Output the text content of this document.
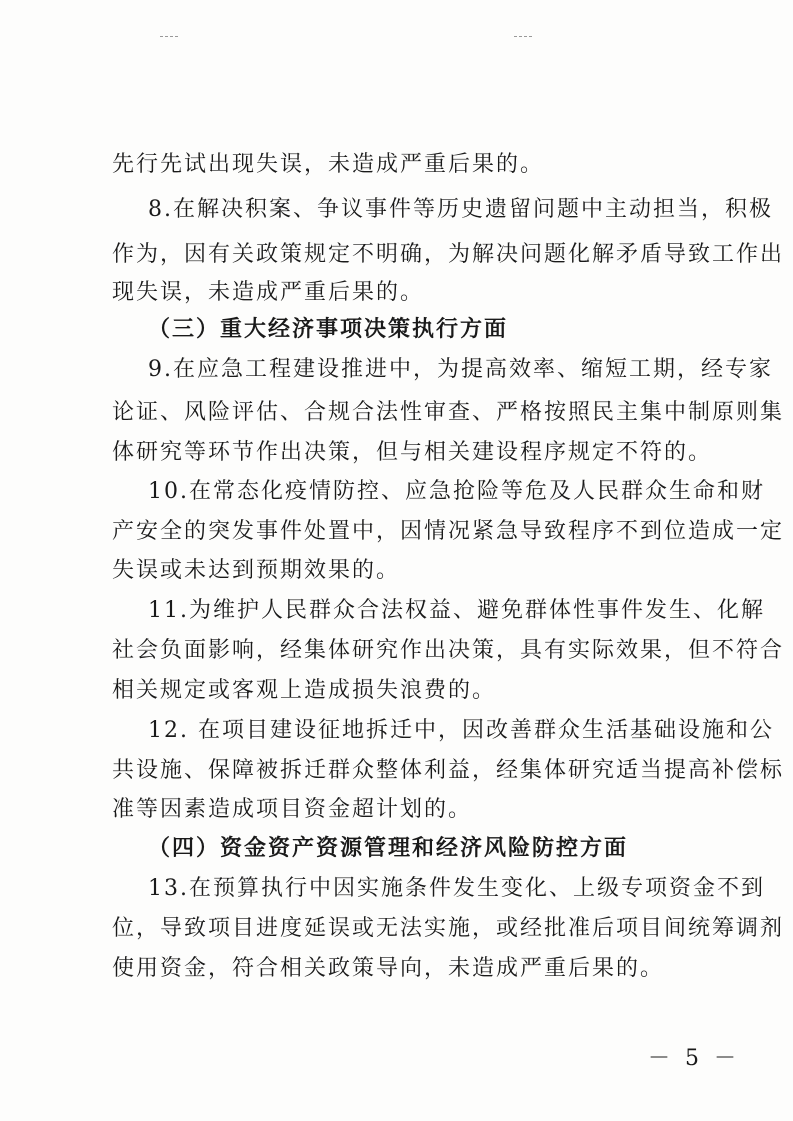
先行先试出现失误，未造成严重后果的。
8.在解决积案、争议事件等历史遗留问题中主动担当，积极
作为，因有关政策规定不明确，为解决问题化解矛盾导致工作出
现失误，未造成严重后果的。
（三）重大经济事项决策执行方面
9.在应急工程建设推进中，为提高效率、缩短工期，经专家
论证、风险评估、合规合法性审查、严格按照民主集中制原则集
体研究等环节作出决策，但与相关建设程序规定不符的。
10.在常态化疫情防控、应急抢险等危及人民群众生命和财
产安全的突发事件处置中，因情况紧急导致程序不到位造成一定
失误或未达到预期效果的。
11.为维护人民群众合法权益、避免群体性事件发生、化解
社会负面影响，经集体研究作出决策，具有实际效果，但不符合
相关规定或客观上造成损失浪费的。
12. 在项目建设征地拆迁中，因改善群众生活基础设施和公
共设施、保障被拆迁群众整体利益，经集体研究适当提高补偿标
准等因素造成项目资金超计划的。
（四）资金资产资源管理和经济风险防控方面
13.在预算执行中因实施条件发生变化、上级专项资金不到
位，导致项目进度延误或无法实施，或经批准后项目间统筹调剂
使用资金，符合相关政策导向，未造成严重后果的。
－ 5 －
